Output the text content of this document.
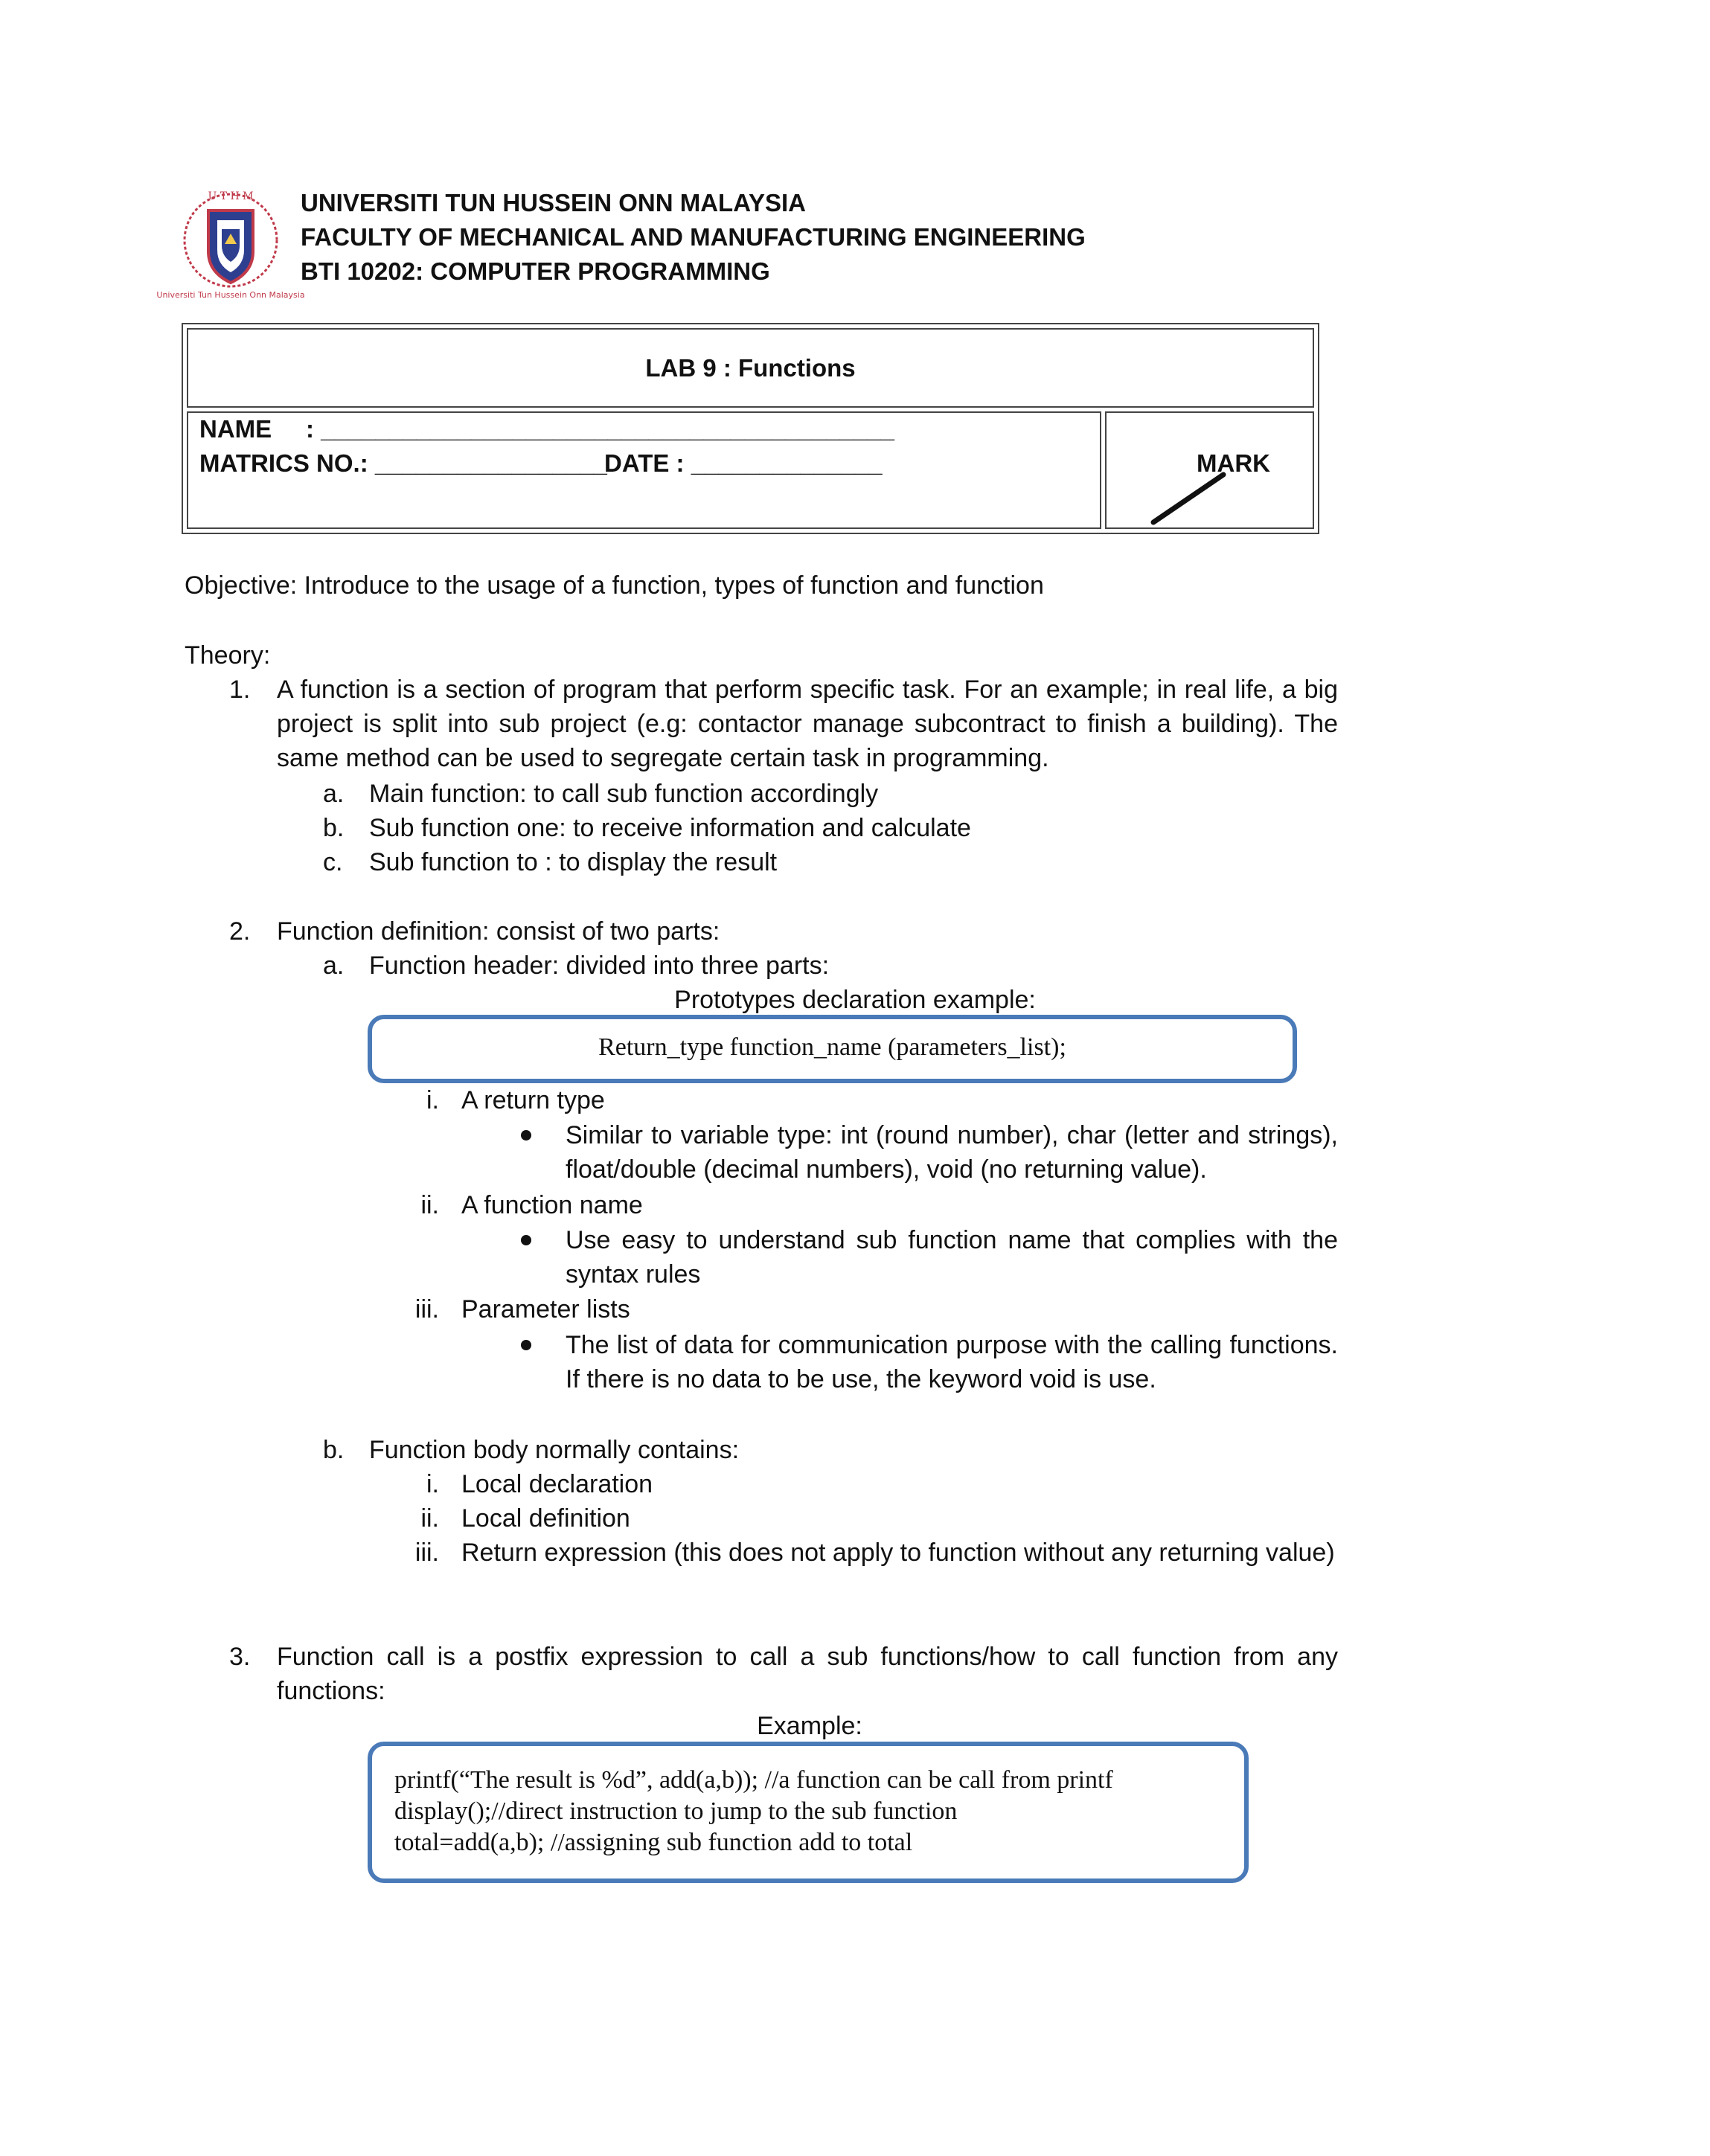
U T H M
Universiti Tun Hussein Onn Malaysia
UNIVERSITI TUN HUSSEIN ONN MALAYSIA
FACULTY OF MECHANICAL AND MANUFACTURING ENGINEERING
BTI 10202: COMPUTER PROGRAMMING
LAB 9 : Functions
NAME     : __________________________________________
MATRICS NO.: _________________
DATE : ______________	MARK
Objective: Introduce to the usage of a function, types of function and function
Theory:
1. A function is a section of program that perform specific task. For an example; in real life, a big project is split into sub project (e.g: contactor manage subcontract to finish a building). The same method can be used to segregate certain task in programming.
a. Main function: to call sub function accordingly
b. Sub function one: to receive information and calculate
c. Sub function to : to display the result
2. Function definition: consist of two parts:
a. Function header: divided into three parts:
Prototypes declaration example:
Return_type function_name (parameters_list);
i. A return type
Similar to variable type: int (round number), char (letter and strings), float/double (decimal numbers), void (no returning value).
ii. A function name
Use easy to understand sub function name that complies with the syntax rules
iii. Parameter lists
The list of data for communication purpose with the calling functions. If there is no data to be use, the keyword void is use.
b. Function body normally contains:
i. Local declaration
ii. Local definition
iii. Return expression (this does not apply to function without any returning value)
3. Function call is a postfix expression to call a sub functions/how to call function from any functions:
Example:
printf(“The result is %d”, add(a,b)); //a function can be call from printf
display();//direct instruction to jump to the sub function
total=add(a,b); //assigning sub function add to total
